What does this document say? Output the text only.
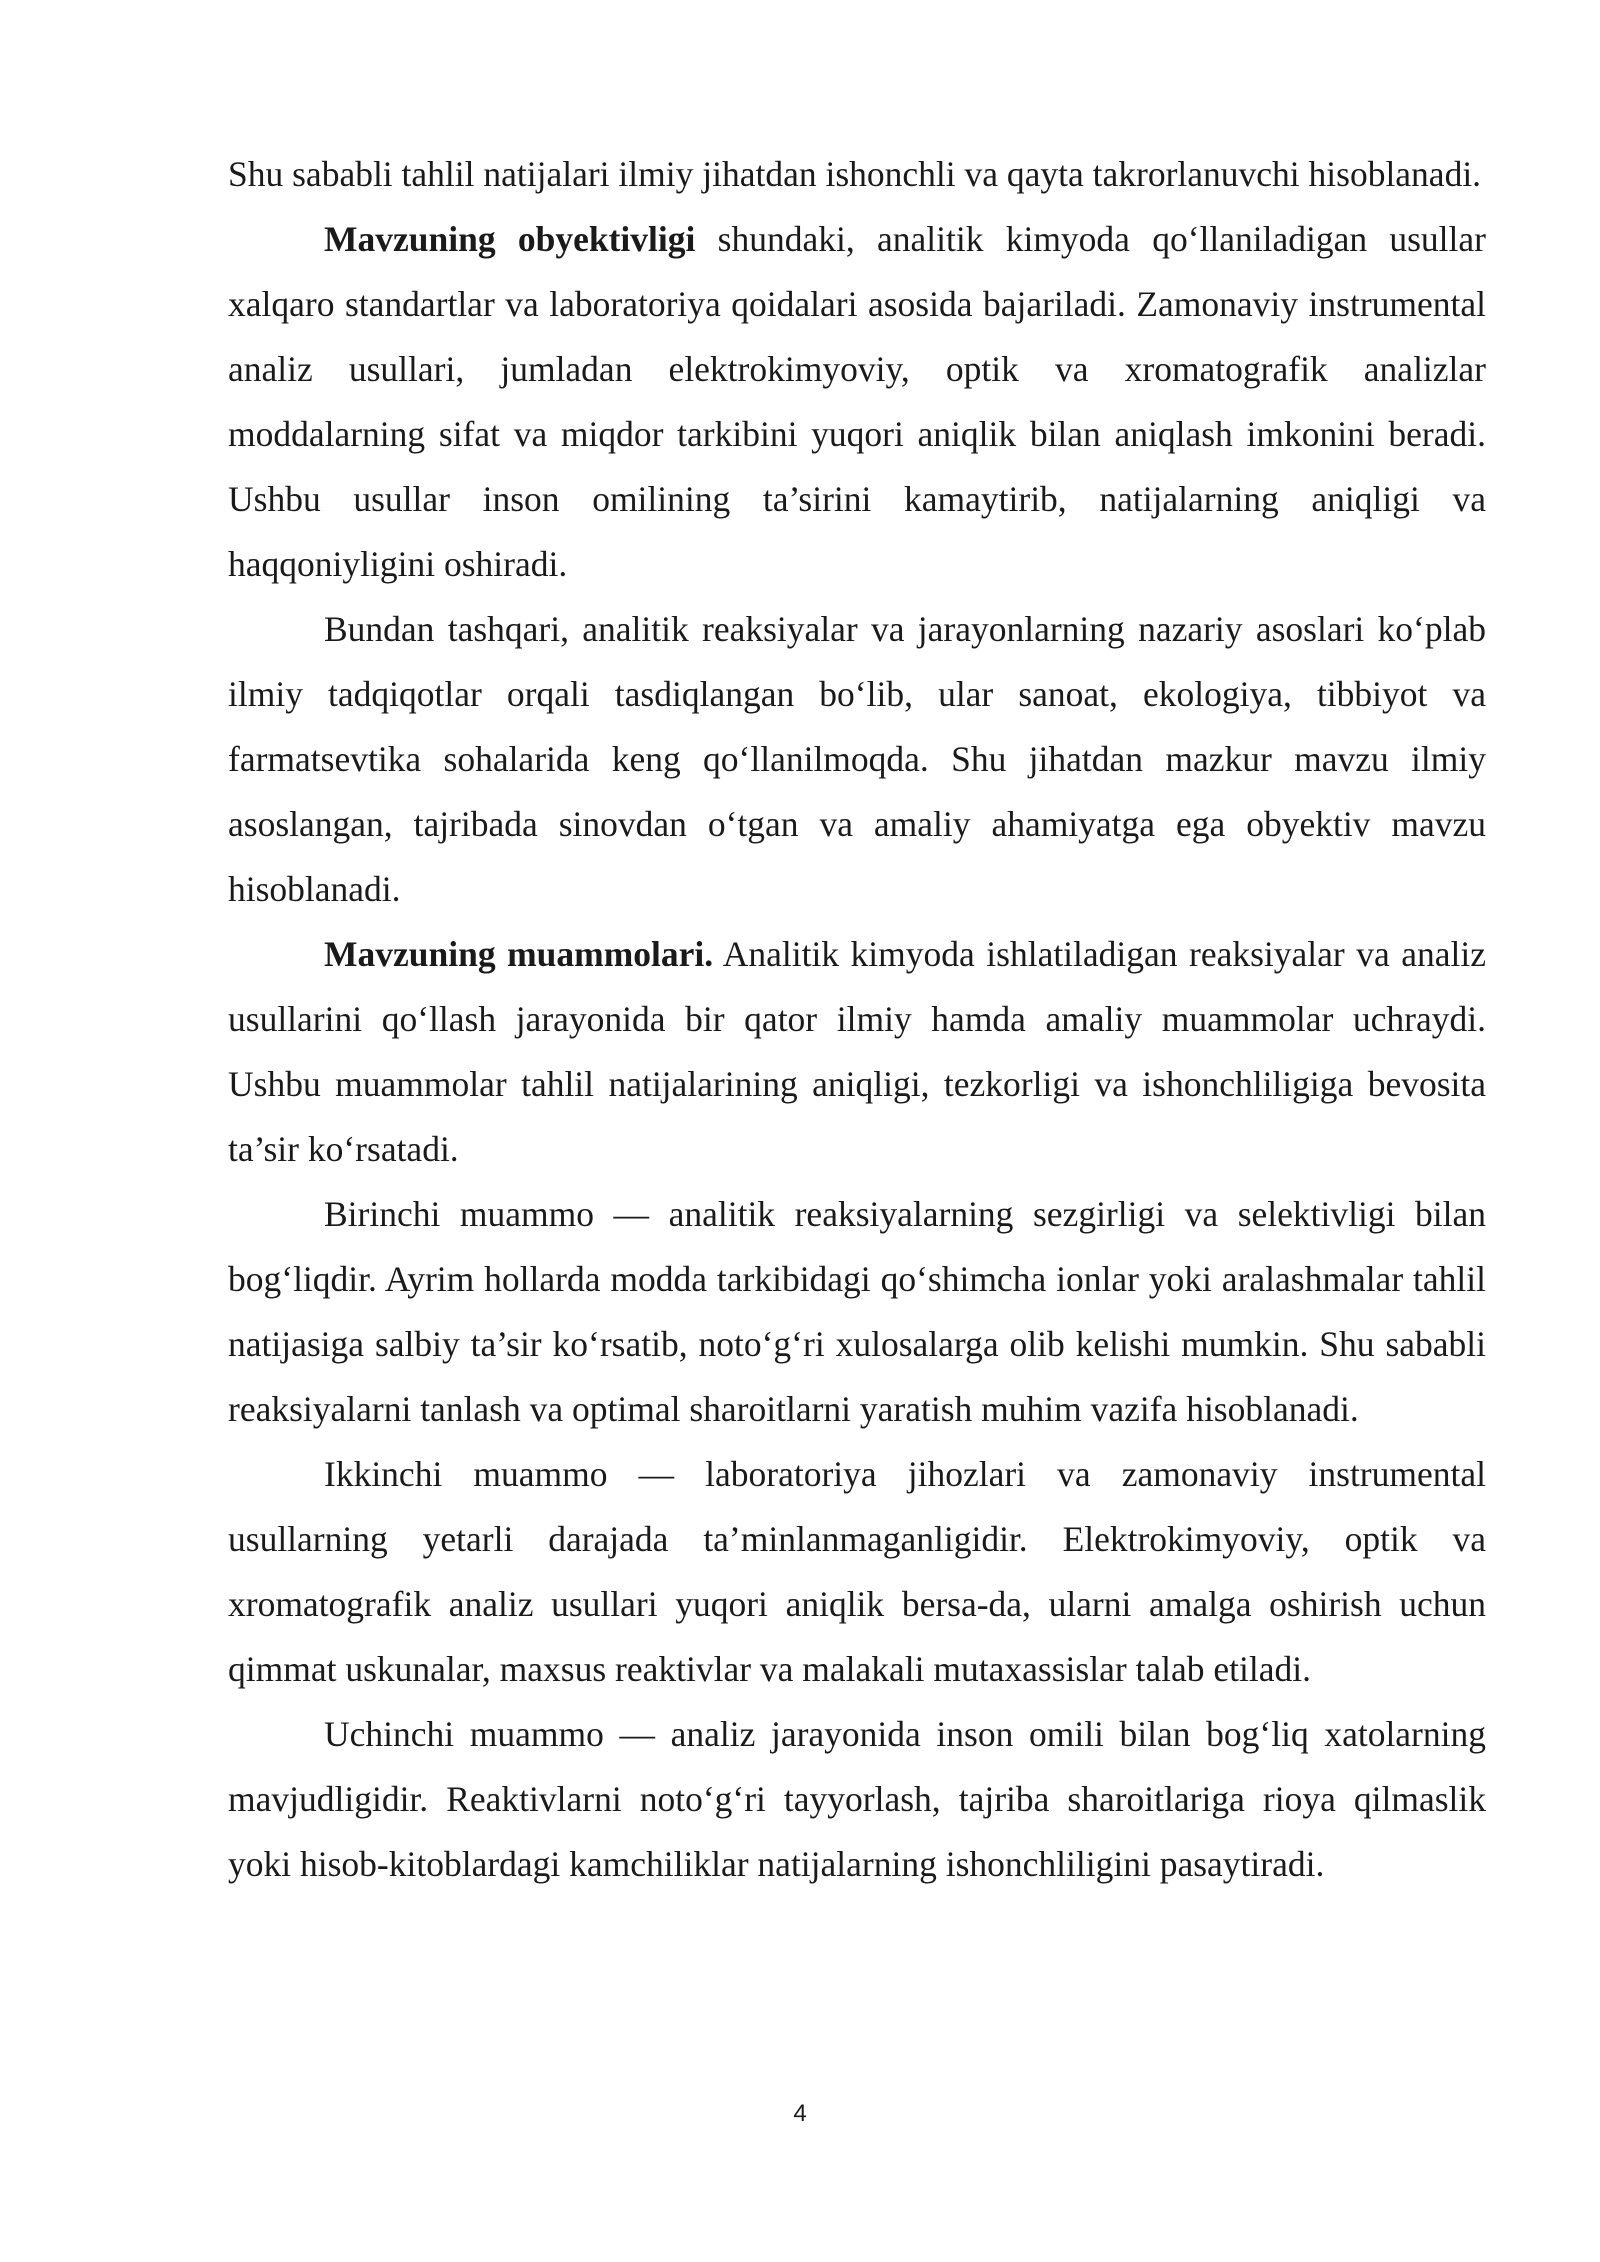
Shu sababli tahlil natijalari ilmiy jihatdan ishonchli va qayta takrorlanuvchi hisoblanadi.

Mavzuning obyektivligi shundaki, analitik kimyoda qo‘llaniladigan usullar xalqaro standartlar va laboratoriya qoidalari asosida bajariladi. Zamonaviy instrumental analiz usullari, jumladan elektrokimyoviy, optik va xromatografik analizlar moddalarning sifat va miqdor tarkibini yuqori aniqlik bilan aniqlash imkonini beradi. Ushbu usullar inson omilining ta’sirini kamaytirib, natijalarning aniqligi va haqqoniyligini oshiradi.

Bundan tashqari, analitik reaksiyalar va jarayonlarning nazariy asoslari ko‘plab ilmiy tadqiqotlar orqali tasdiqlangan bo‘lib, ular sanoat, ekologiya, tibbiyot va farmatsevtika sohalarida keng qo‘llanilmoqda. Shu jihatdan mazkur mavzu ilmiy asoslangan, tajribada sinovdan o‘tgan va amaliy ahamiyatga ega obyektiv mavzu hisoblanadi.

Mavzuning muammolari. Analitik kimyoda ishlatiladigan reaksiyalar va analiz usullarini qo‘llash jarayonida bir qator ilmiy hamda amaliy muammolar uchraydi. Ushbu muammolar tahlil natijalarining aniqligi, tezkorligi va ishonchliligiga bevosita ta’sir ko‘rsatadi.

Birinchi muammo — analitik reaksiyalarning sezgirligi va selektivligi bilan bog‘liqdir. Ayrim hollarda modda tarkibidagi qo‘shimcha ionlar yoki aralashmalar tahlil natijasiga salbiy ta’sir ko‘rsatib, noto‘g‘ri xulosalarga olib kelishi mumkin. Shu sababli reaksiyalarni tanlash va optimal sharoitlarni yaratish muhim vazifa hisoblanadi.

Ikkinchi muammo — laboratoriya jihozlari va zamonaviy instrumental usullarning yetarli darajada ta’minlanmaganligidir. Elektrokimyoviy, optik va xromatografik analiz usullari yuqori aniqlik bersa-da, ularni amalga oshirish uchun qimmat uskunalar, maxsus reaktivlar va malakali mutaxassislar talab etiladi.

Uchinchi muammo — analiz jarayonida inson omili bilan bog‘liq xatolarning mavjudligidir. Reaktivlarni noto‘g‘ri tayyorlash, tajriba sharoitlariga rioya qilmaslik yoki hisob-kitoblardagi kamchiliklar natijalarning ishonchliligini pasaytiradi.

4
